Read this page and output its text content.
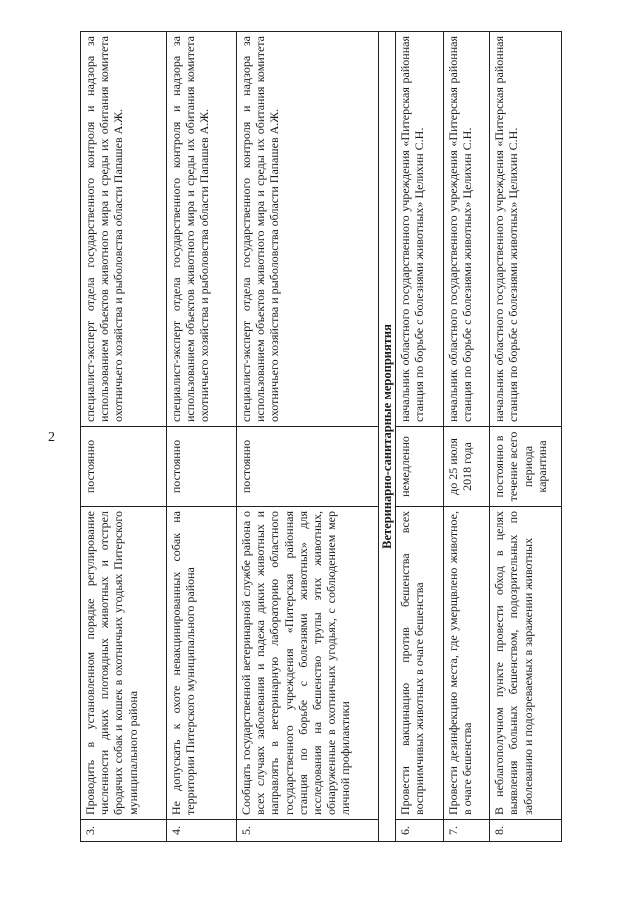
2
3.	Проводить в установленном порядке регулирование численности диких плотоядных животных и отстрел бродячих собак и кошек в охотничьих угодьях Питерского муниципального района	постоянно	специалист-эксперт отдела государственного контроля и надзора за использованием объектов животного мира и среды их обитания комитета охотничьего хозяйства и рыболовства области Папашев А.Ж.
4.	Не допускать к охоте невакцинированных собак на территории Питерского муниципального района	постоянно	специалист-эксперт отдела государственного контроля и надзора за использованием объектов животного мира и среды их обитания комитета охотничьего хозяйства и рыболовства области Папашев А.Ж.
5.	Сообщать государственной ветеринарной службе района о всех случаях заболевания и падежа диких животных и направлять в ветеринарную лабораторию областного государственного учреждения «Питерская районная станция по борьбе с болезнями животных» для исследования на бешенство трупы этих животных, обнаруженные в охотничьих угодьях, с соблюдением мер личной профилактики	постоянно	специалист-эксперт отдела государственного контроля и надзора за использованием объектов животного мира и среды их обитания комитета охотничьего хозяйства и рыболовства области Папашев А.Ж.
Ветеринарно-санитарные мероприятия			
6.	Провести вакцинацию против бешенства всех восприимчивых животных в очаге бешенства	немедленно	начальник областного государственного учреждения «Питерская районная станция по борьбе с болезнями животных» Целихин С.Н.
7.	Провести дезинфекцию места, где умерщвлено животное, в очаге бешенства	до 25 июля 2018 года	начальник областного государственного учреждения «Питерская районная станция по борьбе с болезнями животных» Целихин С.Н.
8.	В неблагополучном пункте провести обход в целях выявления больных бешенством, подозрительных по заболеванию и подозреваемых в заражении животных	постоянно в течение всего периода карантина	начальник областного государственного учреждения «Питерская районная станция по борьбе с болезнями животных» Целихин С.Н.
